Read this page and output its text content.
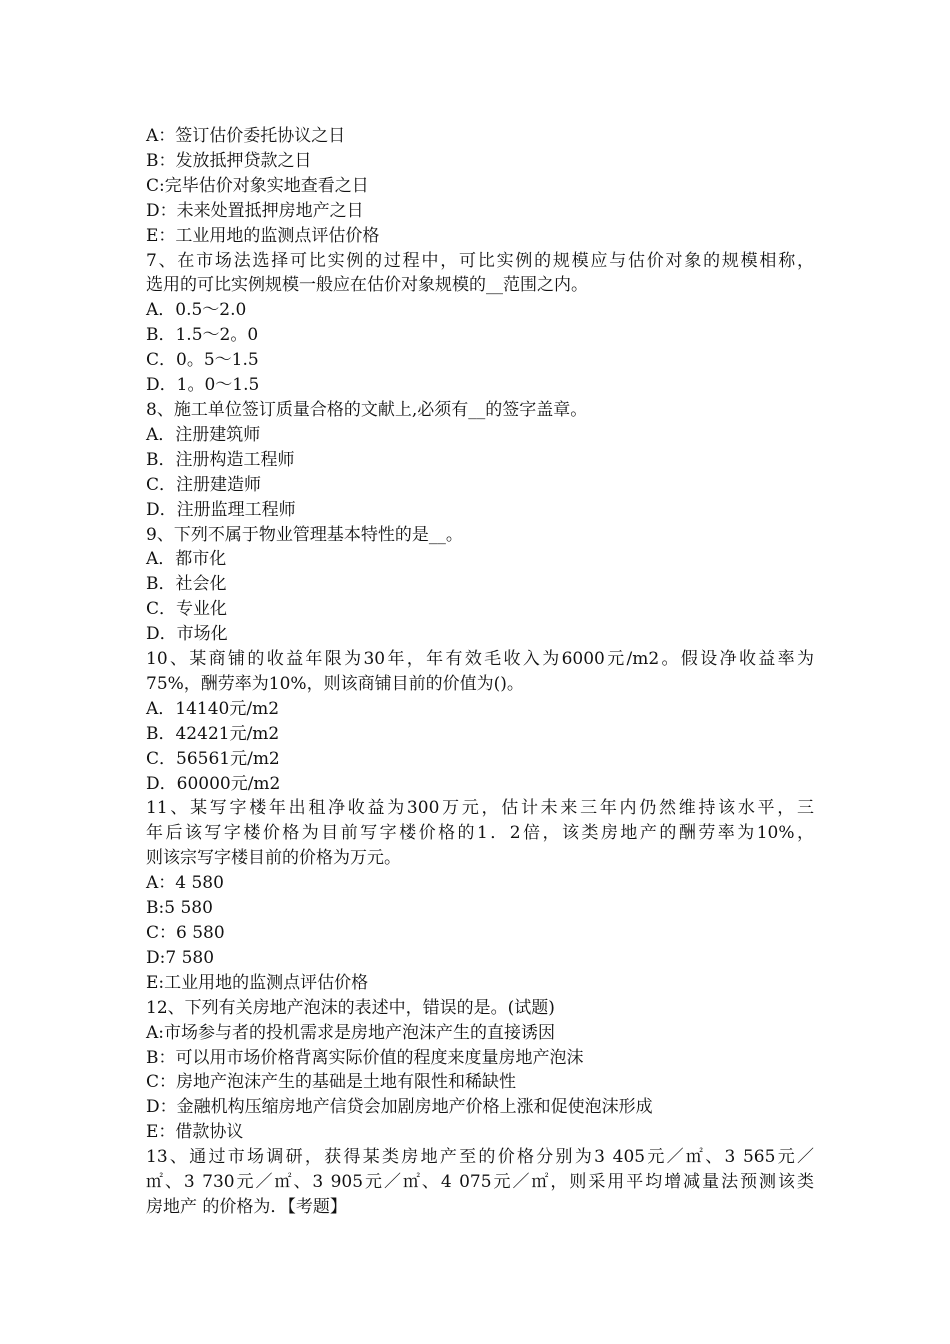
A：签订估价委托协议之日
B：发放抵押贷款之日
C:完毕估价对象实地查看之日
D：未来处置抵押房地产之日
E：工业用地的监测点评估价格
7、在市场法选择可比实例的过程中，可比实例的规模应与估价对象的规模相称，
选用的可比实例规模一般应在估价对象规模的__范围之内。
A．0.5～2.0
B．1.5～2。0
C．0。5～1.5
D．1。0～1.5
8、施工单位签订质量合格的文献上,必须有__的签字盖章。
A．注册建筑师
B．注册构造工程师
C．注册建造师
D．注册监理工程师
9、下列不属于物业管理基本特性的是__。
A．都市化
B．社会化
C．专业化
D．市场化
10、某商铺的收益年限为30年，年有效毛收入为6000元/m2。假设净收益率为
75%，酬劳率为10%，则该商铺目前的价值为()。
A．14140元/m2
B．42421元/m2
C．56561元/m2
D．60000元/m2
11、某写字楼年出租净收益为300万元，估计未来三年内仍然维持该水平，三
年后该写字楼价格为目前写字楼价格的1．2倍，该类房地产的酬劳率为10%，
则该宗写字楼目前的价格为万元。
A：4 580
B:5 580
C：6 580
D:7 580
E:工业用地的监测点评估价格
12、下列有关房地产泡沫的表述中，错误的是。(试题)
A:市场参与者的投机需求是房地产泡沫产生的直接诱因
B：可以用市场价格背离实际价值的程度来度量房地产泡沫
C：房地产泡沫产生的基础是土地有限性和稀缺性
D：金融机构压缩房地产信贷会加剧房地产价格上涨和促使泡沫形成
E：借款协议
13、通过市场调研，获得某类房地产至的价格分别为3 405元／㎡、3 565元／
㎡、3 730元／㎡、3 905元／㎡、4 075元／㎡，则采用平均增减量法预测该类
房地产 的价格为．【考题】
